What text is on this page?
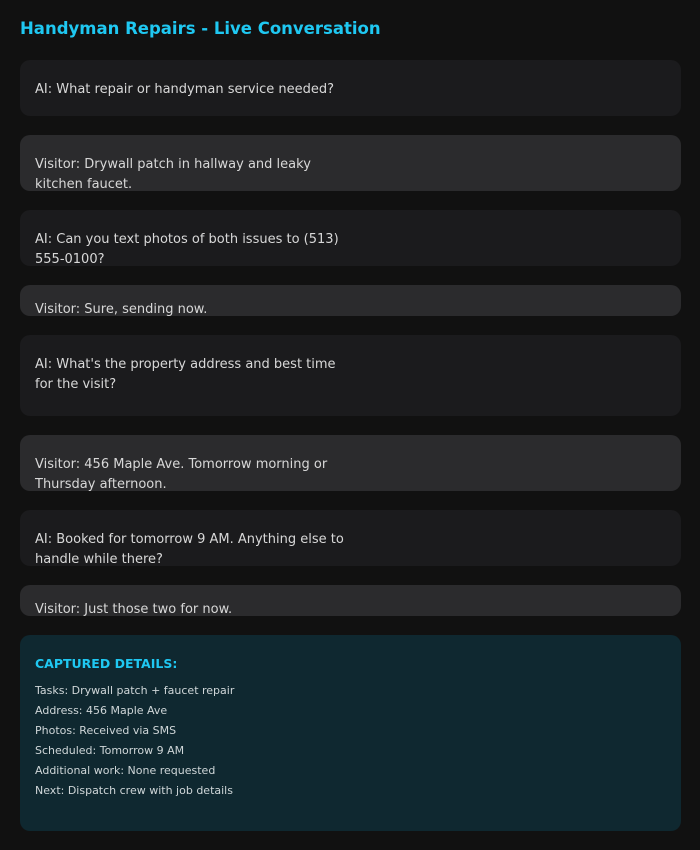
Handyman Repairs - Live Conversation

AI: What repair or handyman service needed?

Visitor: Drywall patch in hallway and leaky kitchen faucet.

AI: Can you text photos of both issues to (513) 555-0100?

Visitor: Sure, sending now.

AI: What's the property address and best time for the visit?

Visitor: 456 Maple Ave. Tomorrow morning or Thursday afternoon.

AI: Booked for tomorrow 9 AM. Anything else to handle while there?

Visitor: Just those two for now.

CAPTURED DETAILS:
Tasks: Drywall patch + faucet repair
Address: 456 Maple Ave
Photos: Received via SMS
Scheduled: Tomorrow 9 AM
Additional work: None requested
Next: Dispatch crew with job details
